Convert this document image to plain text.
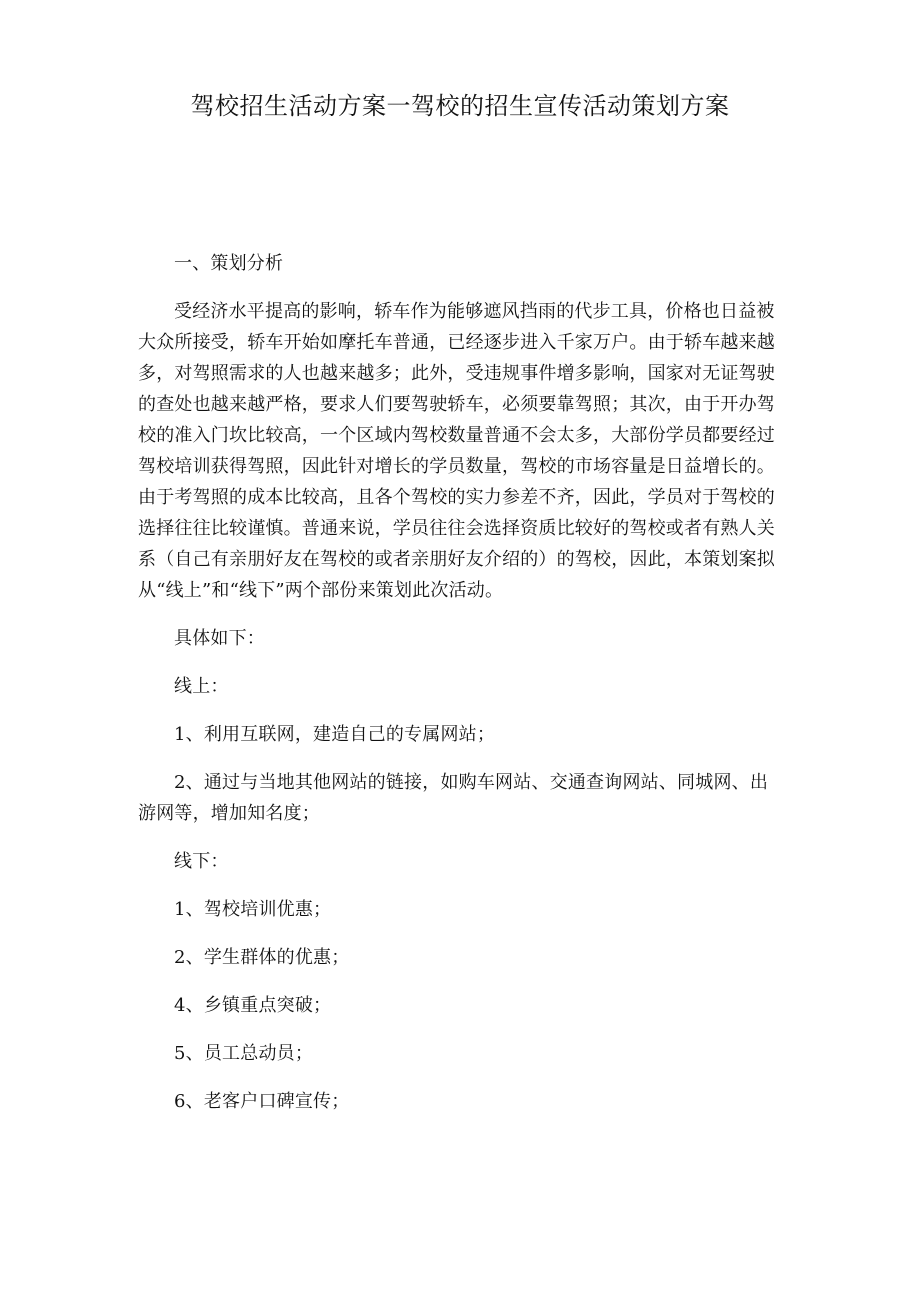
驾校招生活动方案一驾校的招生宣传活动策划方案

一、策划分析

受经济水平提高的影响，轿车作为能够遮风挡雨的代步工具，价格也日益被大众所接受，轿车开始如摩托车普通，已经逐步进入千家万户。由于轿车越来越多，对驾照需求的人也越来越多；此外，受违规事件增多影响，国家对无证驾驶的查处也越来越严格，要求人们要驾驶轿车，必须要靠驾照；其次，由于开办驾校的准入门坎比较高，一个区域内驾校数量普通不会太多，大部份学员都要经过驾校培训获得驾照，因此针对增长的学员数量，驾校的市场容量是日益增长的。由于考驾照的成本比较高，且各个驾校的实力参差不齐，因此，学员对于驾校的选择往往比较谨慎。普通来说，学员往往会选择资质比较好的驾校或者有熟人关系（自己有亲朋好友在驾校的或者亲朋好友介绍的）的驾校，因此，本策划案拟从“线上”和“线下”两个部份来策划此次活动。

具体如下：

线上：

1、利用互联网，建造自己的专属网站；

2、通过与当地其他网站的链接，如购车网站、交通查询网站、同城网、出游网等，增加知名度；

线下：

1、驾校培训优惠；

2、学生群体的优惠；

4、乡镇重点突破；

5、员工总动员；

6、老客户口碑宣传；
